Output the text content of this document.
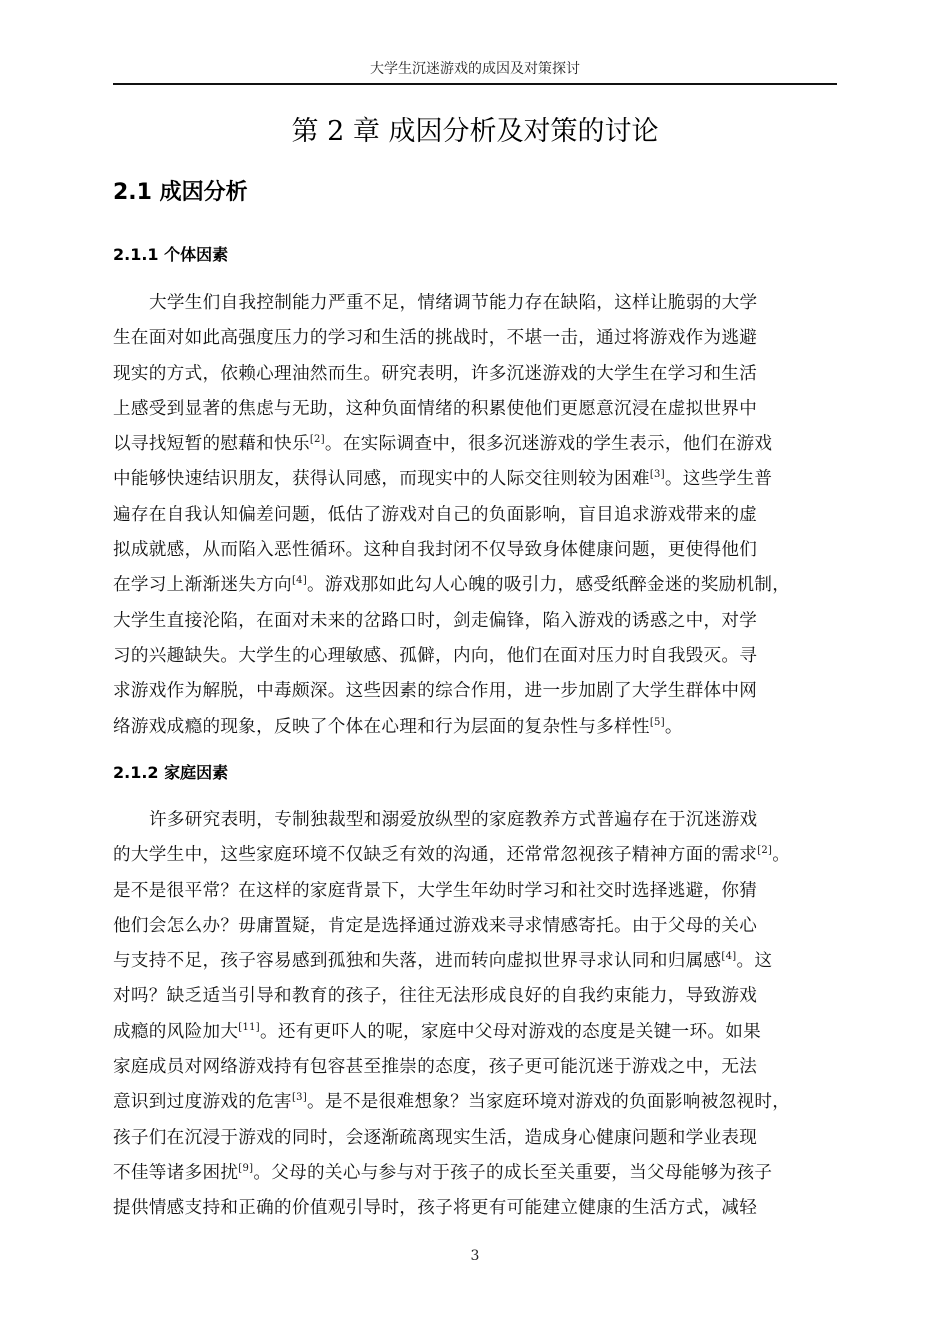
大学生沉迷游戏的成因及对策探讨
第 2 章 成因分析及对策的讨论
2.1 成因分析
2.1.1 个体因素
大学生们自我控制能力严重不足，情绪调节能力存在缺陷，这样让脆弱的大学
生在面对如此高强度压力的学习和生活的挑战时，不堪一击，通过将游戏作为逃避
现实的方式，依赖心理油然而生。研究表明，许多沉迷游戏的大学生在学习和生活
上感受到显著的焦虑与无助，这种负面情绪的积累使他们更愿意沉浸在虚拟世界中
以寻找短暂的慰藉和快乐[2]。在实际调查中，很多沉迷游戏的学生表示，他们在游戏
中能够快速结识朋友，获得认同感，而现实中的人际交往则较为困难[3]。这些学生普
遍存在自我认知偏差问题，低估了游戏对自己的负面影响，盲目追求游戏带来的虚
拟成就感，从而陷入恶性循环。这种自我封闭不仅导致身体健康问题，更使得他们
在学习上渐渐迷失方向[4]。游戏那如此勾人心魄的吸引力，感受纸醉金迷的奖励机制，
大学生直接沦陷，在面对未来的岔路口时，剑走偏锋，陷入游戏的诱惑之中，对学
习的兴趣缺失。大学生的心理敏感、孤僻，内向，他们在面对压力时自我毁灭。寻
求游戏作为解脱，中毒颇深。这些因素的综合作用，进一步加剧了大学生群体中网
络游戏成瘾的现象，反映了个体在心理和行为层面的复杂性与多样性[5]。
2.1.2 家庭因素
许多研究表明，专制独裁型和溺爱放纵型的家庭教养方式普遍存在于沉迷游戏
的大学生中，这些家庭环境不仅缺乏有效的沟通，还常常忽视孩子精神方面的需求[2]。
是不是很平常？在这样的家庭背景下，大学生年幼时学习和社交时选择逃避，你猜
他们会怎么办？毋庸置疑，肯定是选择通过游戏来寻求情感寄托。由于父母的关心
与支持不足，孩子容易感到孤独和失落，进而转向虚拟世界寻求认同和归属感[4]。这
对吗？缺乏适当引导和教育的孩子，往往无法形成良好的自我约束能力，导致游戏
成瘾的风险加大[11]。还有更吓人的呢，家庭中父母对游戏的态度是关键一环。如果
家庭成员对网络游戏持有包容甚至推崇的态度，孩子更可能沉迷于游戏之中，无法
意识到过度游戏的危害[3]。是不是很难想象？当家庭环境对游戏的负面影响被忽视时，
孩子们在沉浸于游戏的同时，会逐渐疏离现实生活，造成身心健康问题和学业表现
不佳等诸多困扰[9]。父母的关心与参与对于孩子的成长至关重要，当父母能够为孩子
提供情感支持和正确的价值观引导时，孩子将更有可能建立健康的生活方式，减轻
3
